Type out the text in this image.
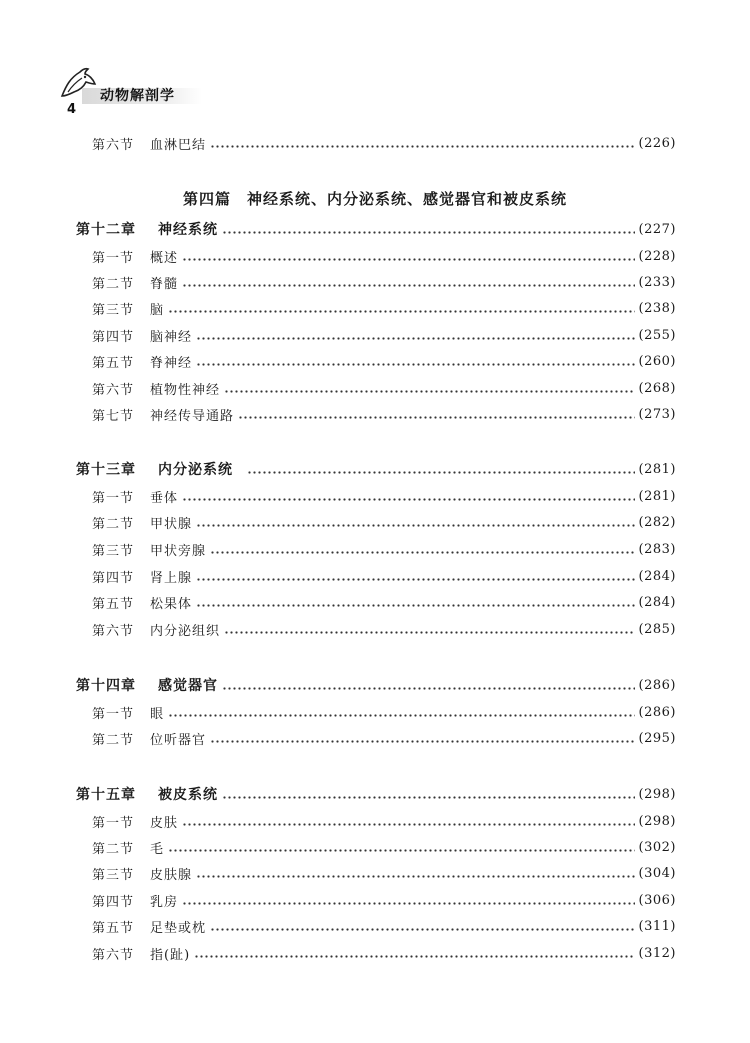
动物解剖学
4
第六节	血淋巴结	(226)
第四篇　神经系统、内分泌系统、感觉器官和被皮系统
第十二章	神经系统	(227)
第一节	概述	(228)
第二节	脊髓	(233)
第三节	脑	(238)
第四节	脑神经	(255)
第五节	脊神经	(260)
第六节	植物性神经	(268)
第七节	神经传导通路	(273)
第十三章	内分泌系统	(281)
第一节	垂体	(281)
第二节	甲状腺	(282)
第三节	甲状旁腺	(283)
第四节	肾上腺	(284)
第五节	松果体	(284)
第六节	内分泌组织	(285)
第十四章	感觉器官	(286)
第一节	眼	(286)
第二节	位听器官	(295)
第十五章	被皮系统	(298)
第一节	皮肤	(298)
第二节	毛	(302)
第三节	皮肤腺	(304)
第四节	乳房	(306)
第五节	足垫或枕	(311)
第六节	指(趾)	(312)
